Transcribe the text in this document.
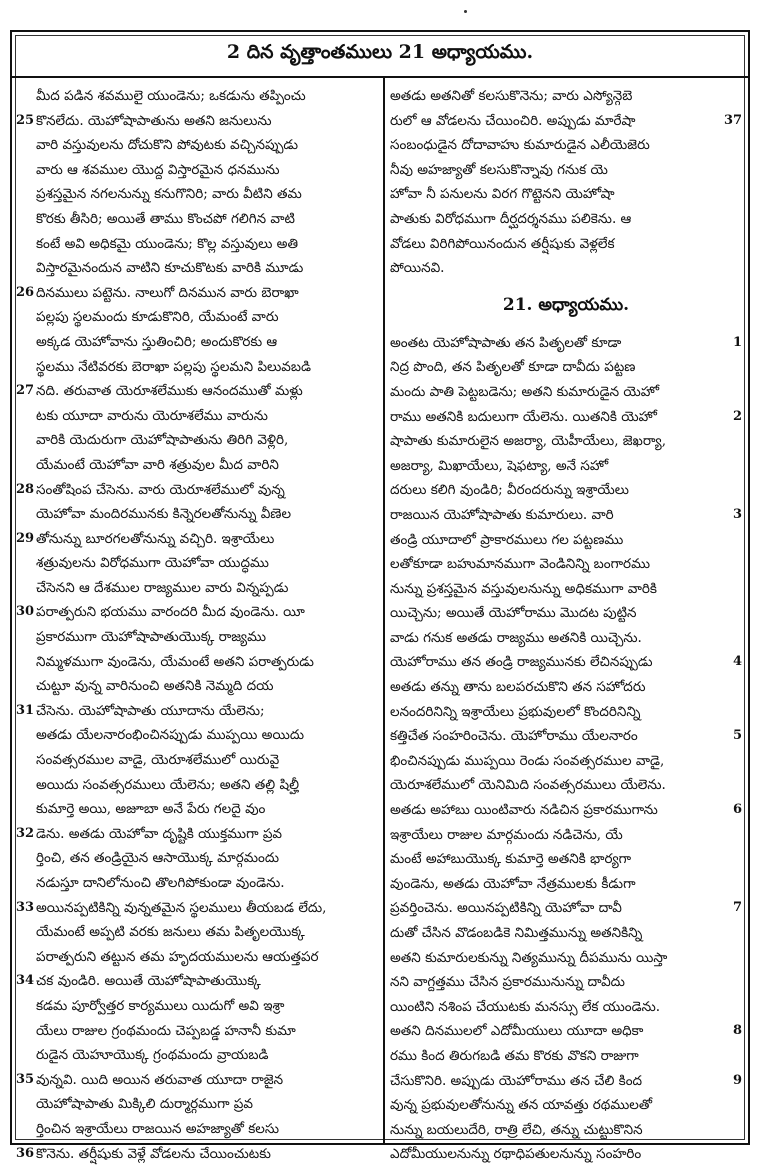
2 దిన వృత్తాంతములు 21 అధ్యాయము.
మీద పడిన శవములై యుండెను; ఒకడును తప్పించు
25 కొనలేదు. యెహోషాపాతును అతని జనులును
వారి వస్తువులను దోచుకొని పోవుటకు వచ్చినప్పుడు
వారు ఆ శవముల యొద్ద విస్తారమైన ధనమును
ప్రశస్తమైన నగలనున్ను కనుగొనిరి; వారు వీటిని తమ
కొరకు తీసిరి; అయితే తాము కొంచపో గలిగిన వాటి
కంటే అవి అధికమై యుండెను; కొల్ల వస్తువులు అతి
విస్తారమైనందున వాటిని కూచుకొటకు వారికి మూడు
26 దినములు పట్టెను. నాలుగో దినమున వారు బెరాఖా
పల్లపు స్థలమందు కూడుకొనిరి, యేమంటే వారు
అక్కడ యెహోవాను స్తుతించిరి; అందుకొరకు ఆ
స్థలము నేటివరకు బెరాఖా పల్లపు స్థలమని పిలువబడి
27 నది. తరువాత యెరూశలేముకు ఆనందముతో మళ్లు
టకు యూదా వారును యెరూశలేము వారును
వారికి యెదురుగా యెహోషాపాతును తిరిగి వెళ్లిరి,
యేమంటే యెహోవా వారి శత్రువుల మీద వారిని
28 సంతోషింప చేసెను. వారు యెరూశలేములో వున్న
యెహోవా మందిరమునకు కిన్నెరలతోనున్ను వీణెల
29 తోనున్ను బూరగలతోనున్ను వచ్చిరి. ఇశ్రాయేలు
శత్రువులను విరోధముగా యెహోవా యుద్ధము
చేసెనని ఆ దేశముల రాజ్యముల వారు విన్నప్పడు
30 పరాత్పరుని భయము వారందరి మీద వుండెను. యీ
ప్రకారముగా యెహోషాపాతుయొక్క రాజ్యము
నిమ్మళముగా వుండెను, యేమంటే అతని పరాత్పరుడు
చుట్టూ వున్న వారినుంచి అతనికి నెమ్మది దయ
31 చేసెను. యెహోషాపాతు యూదాను యేలెను;
అతడు యేలనారంభించినప్పుడు ముప్పయి అయిదు
సంవత్సరముల వాడై, యెరూశలేములో యిరువై
అయిదు సంవత్సరములు యేలెను; అతని తల్లి షిల్హీ
కుమార్తె అయి, అజూబా అనే పేరు గలదై వుం
32 డెను. అతడు యెహోవా దృష్టికి యుక్తముగా ప్రవ
ర్తించి, తన తండ్రియైన ఆసాయొక్క మార్గమందు
నడుస్తూ దానిలోనుంచి తొలగిపోకుండా వుండెను.
33 అయినప్పటికిన్ని వున్నతమైన స్థలములు తీయబడ లేదు,
యేమంటే అప్పటి వరకు జనులు తమ పితృలయొక్క
పరాత్పరుని తట్టున తమ హృదయములను ఆయత్తపర
34 చక వుండిరి. అయితే యెహోషాపాతుయొక్క
కడమ పూర్వోత్తర కార్యములు యిదుగో అవి ఇశ్రా
యేలు రాజుల గ్రంథమందు చెప్పబడ్డ హనానీ కుమా
రుడైన యెహూయొక్క గ్రంథమందు వ్రాయబడి
35 వున్నవి. యిది అయిన తరువాత యూదా రాజైన
యెహోషాపాతు మిక్కిలి దుర్మార్గముగా ప్రవ
ర్తించిన ఇశ్రాయేలు రాజయిన అహజ్యాతో కలసు
36 కొనెను. తర్షీషుకు వెళ్లే వోడలను చేయించుటకు
అతడు అతనితో కలసుకొనెను; వారు ఎస్యోన్గెబె
రులో ఆ వోడలను చేయించిరి. అప్పుడు మారేషా	37
సంబంధుడైన దోదావాహు కుమారుడైన ఎలీయెజెరు
నీవు అహజ్యాతో కలసుకొన్నావు గనుక యె
హోవా నీ పనులను విరగ గొట్టెనని యెహోషా
పాతుకు విరోధముగా దీర్ఘదర్శనము పలికెను. ఆ
వోడలు విరిగిపోయినందున తర్షీషుకు వెళ్లలేక
పోయినవి.
21. అధ్యాయము.
అంతట యెహోషాపాతు తన పితృలతో కూడా	1
నిద్ర పొంది, తన పితృలతో కూడా దావీదు పట్టణ
మందు పాతి పెట్టబడెను; అతని కుమారుడైన యెహో
రాము అతనికి బదులుగా యేలెను. యితనికి యెహో	2
షాపాతు కుమారులైన అజర్యా, యెహీయేలు, జెఖర్యా,
అజర్యా, మిఖాయేలు, షెఫట్యా, అనే సహో
దరులు కలిగి వుండిరి; వీరందరున్ను ఇశ్రాయేలు
రాజయిన యెహోషాపాతు కుమారులు. వారి	3
తండ్రి యూదాలో ప్రాకారములు గల పట్టణము
లతోకూడా బహుమానముగా వెండినిన్ని బంగారము
నున్ను ప్రశస్తమైన వస్తువులనున్ను అధికముగా వారికి
యిచ్చెను; అయితే యెహోరాము మొదట పుట్టిన
వాడు గనుక అతడు రాజ్యము అతనికి యిచ్చెను.
యెహోరాము తన తండ్రి రాజ్యమునకు లేచినప్పుడు	4
అతడు తన్ను తాను బలపరచుకొని తన సహోదరు
లనందరినిన్ని ఇశ్రాయేలు ప్రభువులలో కొందరినిన్ని
కత్తిచేత సంహరించెను. యెహోరాము యేలనారం	5
భించినప్పుడు ముప్పయి రెండు సంవత్సరముల వాడై,
యెరూశలేములో యెనిమిది సంవత్సరములు యేలెను.
అతడు అహాబు యింటివారు నడిచిన ప్రకారముగాను	6
ఇశ్రాయేలు రాజుల మార్గమందు నడిచెను, యే
మంటే అహాబుయొక్క కుమార్తె అతనికి భార్యగా
వుండెను, అతడు యెహోవా నేత్రములకు కీడుగా
ప్రవర్తించెను. అయినప్పటికిన్ని యెహోవా దావీ	7
దుతో చేసిన వొడంబడికె నిమిత్తమున్ను అతనికిన్ని
అతని కుమారులకున్ను నిత్యమున్ను దీపమును యిస్తా
నని వాగ్దత్తము చేసిన ప్రకారమునున్ను దావీదు
యింటిని నశింప చేయుటకు మనస్సు లేక యుండెను.
అతని దినములలో ఎదోమీయులు యూదా అధికా	8
రము కింద తిరుగబడి తమ కొరకు వొకని రాజుగా
చేసుకొనిరి. అప్పుడు యెహోరాము తన చేలి కింద	9
వున్న ప్రభువులతోనున్ను తన యావత్తు రథములతో
నున్ను బయలుదేరి, రాత్రి లేచి, తన్ను చుట్టుకొనిన
ఎదోమీయులనున్ను రథాధిపతులనున్ను సంహరిం
